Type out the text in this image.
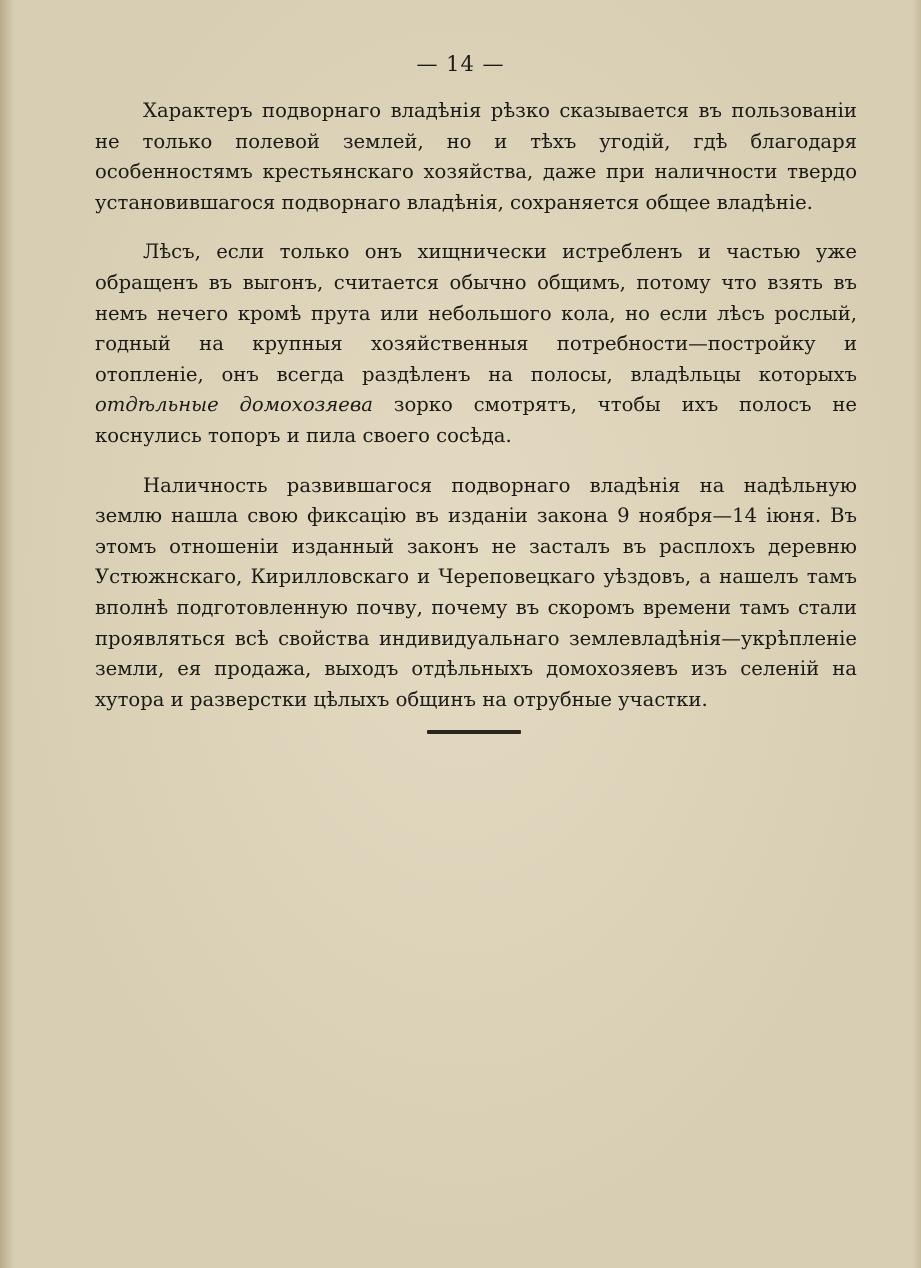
— 14 —

Характеръ подворнаго владѣнія рѣзко сказывается въ пользованіи не только полевой землей, но и тѣхъ угодій, гдѣ благодаря особенностямъ крестьянскаго хозяйства, даже при наличности твердо установившагося подворнаго владѣнія, сохраняется общее владѣніе.

Лѣсъ, если только онъ хищнически истребленъ и частью уже обращенъ въ выгонъ, считается обычно общимъ, потому что взять въ немъ нечего кромѣ прута или небольшого кола, но если лѣсъ рослый, годный на крупныя хозяйственныя потребности—постройку и отопленіе, онъ всегда раздѣленъ на полосы, владѣльцы которыхъ отдѣльные домохозяева зорко смотрятъ, чтобы ихъ полосъ не коснулись топоръ и пила своего сосѣда.

Наличность развившагося подворнаго владѣнія на надѣльную землю нашла свою фиксацію въ изданіи закона 9 ноября—14 іюня. Въ этомъ отношеніи изданный законъ не засталъ въ расплохъ деревню Устюжнскаго, Кирилловскаго и Череповецкаго уѣздовъ, а нашелъ тамъ вполнѣ подготовленную почву, почему въ скоромъ времени тамъ стали проявляться всѣ свойства индивидуальнаго землевладѣнія—укрѣпленіе земли, ея продажа, выходъ отдѣльныхъ домохозяевъ изъ селеній на хутора и разверстки цѣлыхъ общинъ на отрубные участки.
